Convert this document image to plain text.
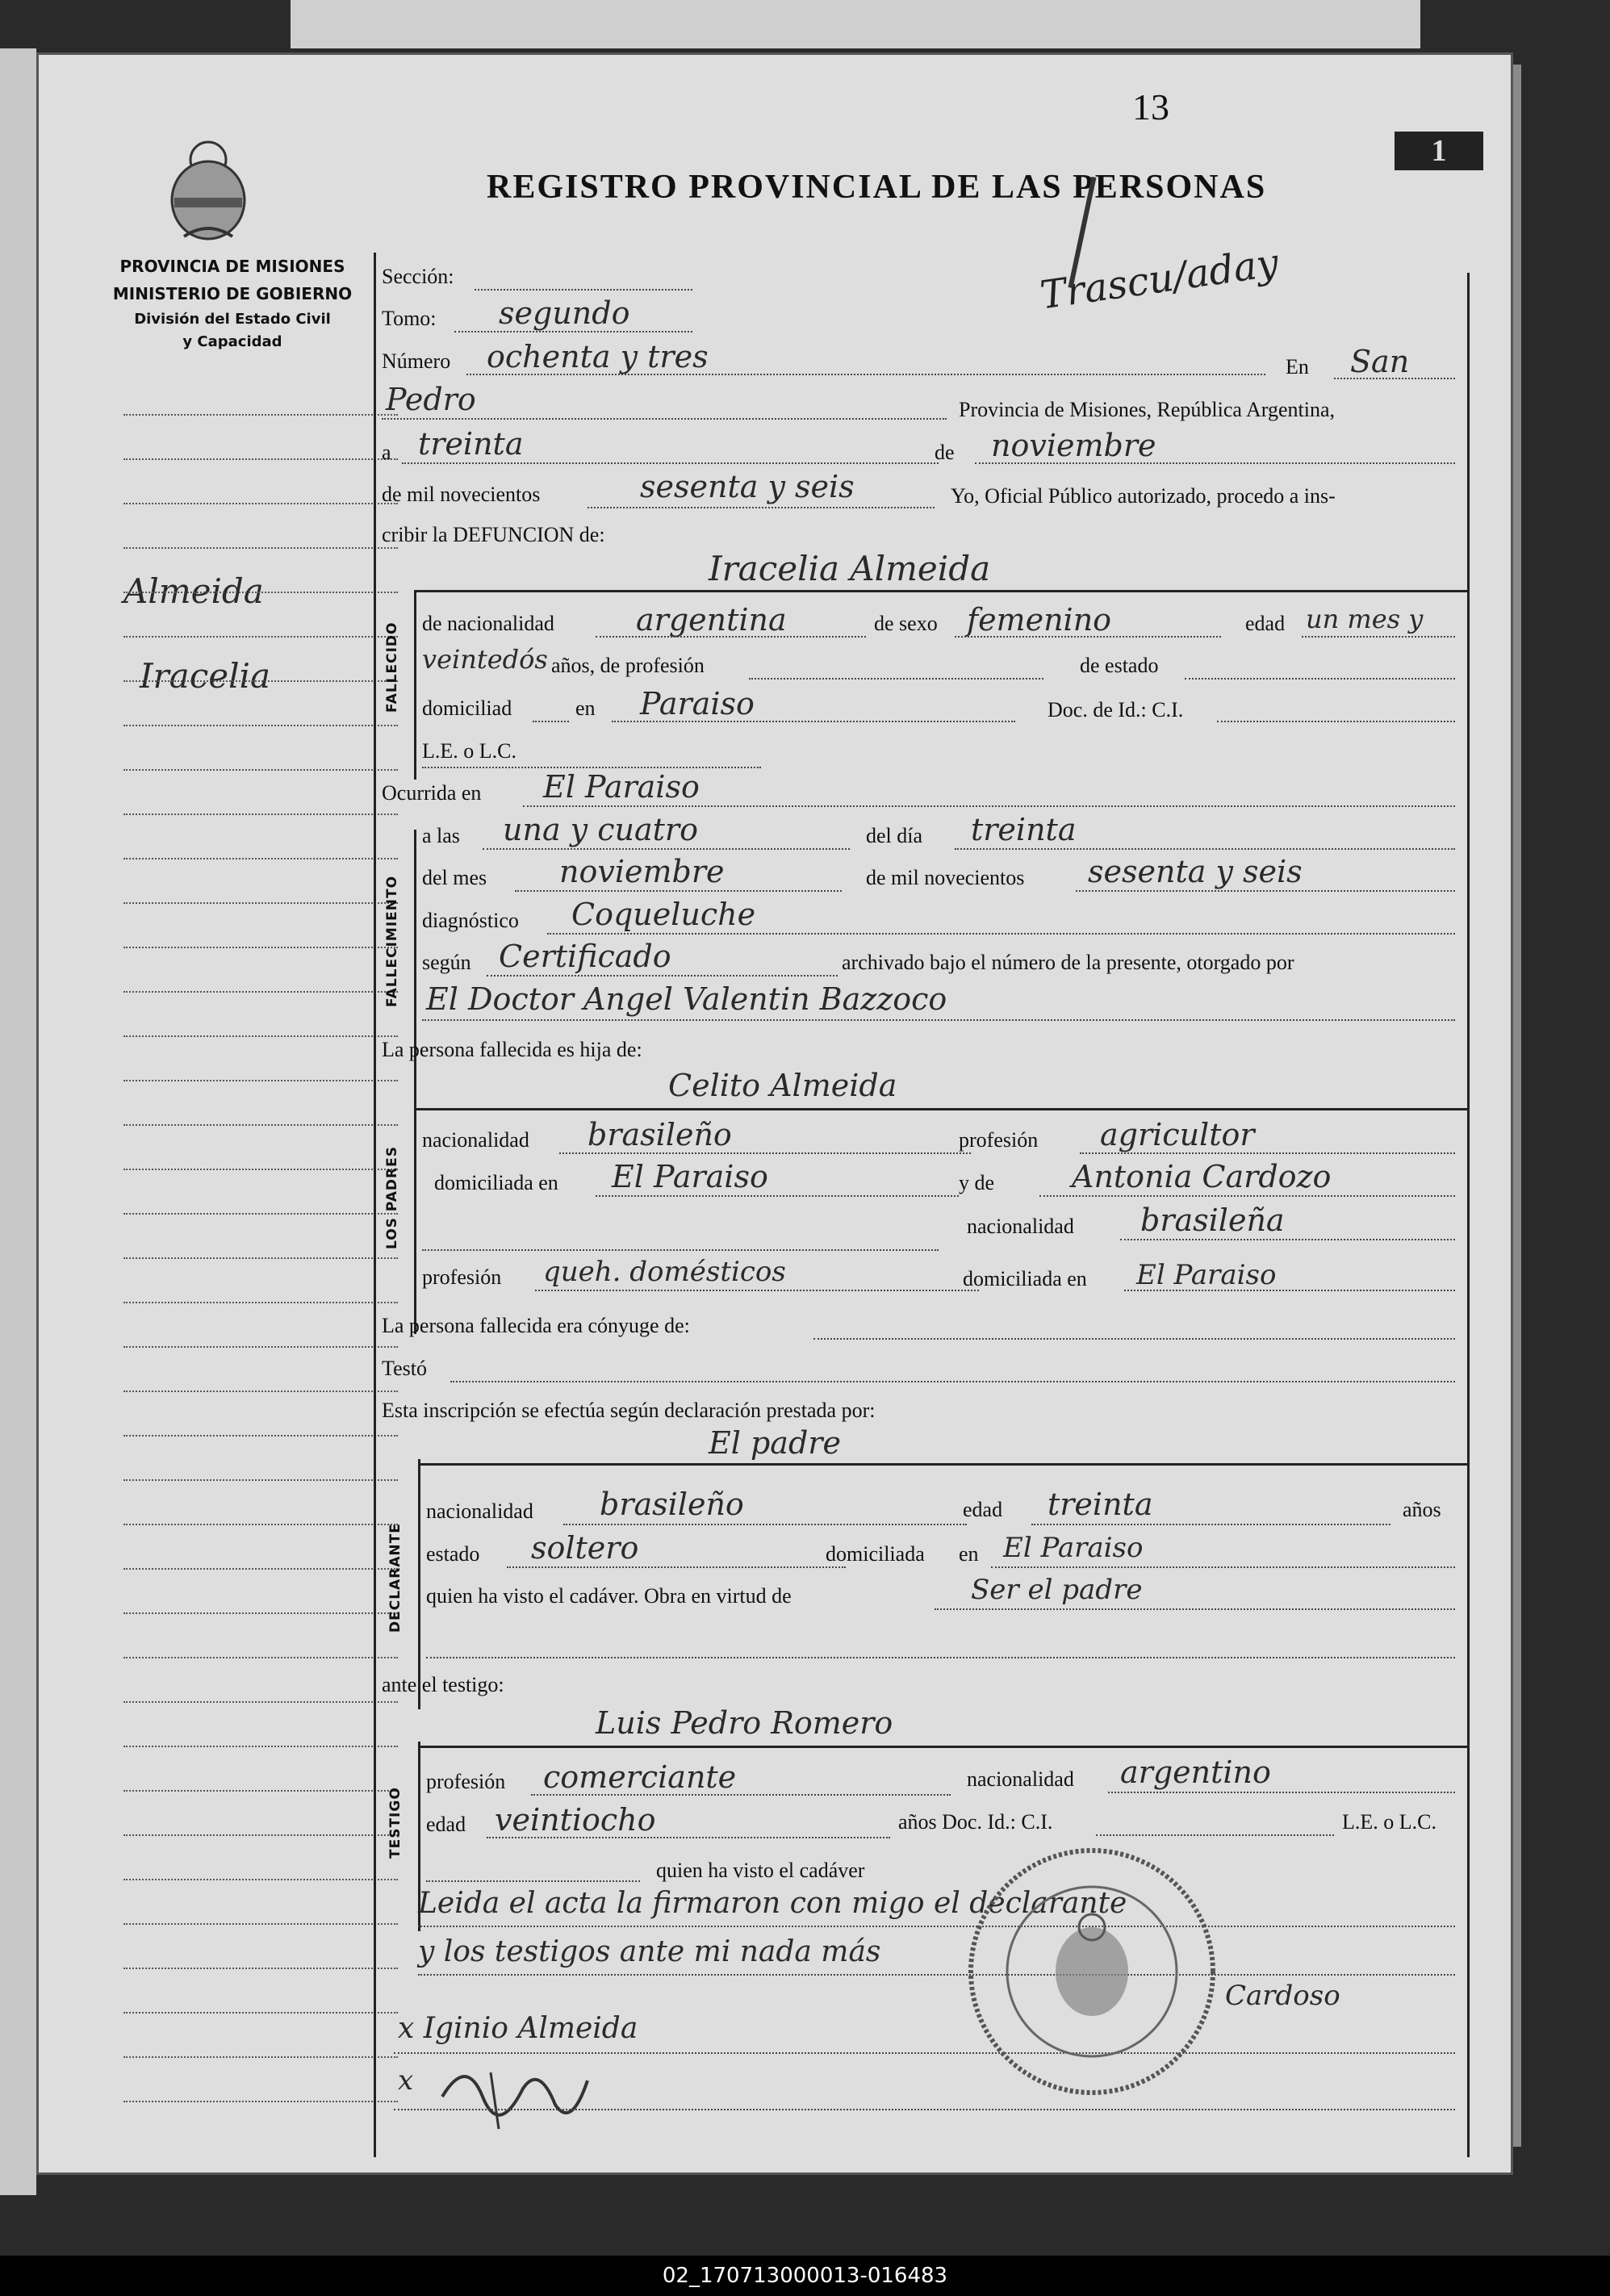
13
1
REGISTRO PROVINCIAL DE LAS PERSONAS
Trascu/aday
PROVINCIA DE MISIONES
MINISTERIO DE GOBIERNO
División del Estado Civil
y Capacidad
Almeida
Iracelia
Sección:
Tomo: segundo
Número ochenta y tres	En San
Pedro	Provincia de Misiones, República Argentina,
a treinta	de noviembre
de mil novecientos	sesenta y seis	Yo, Oficial Público autorizado, procedo a ins-
cribir la DEFUNCION de:
FALLECIDO
Iracelia Almeida
de nacionalidad	argentina	de sexo femenino	edad un mes y
veintedós años, de profesión	de estado
domiciliad	en Paraiso	Doc. de Id.: C.I.
L.E. o L.C.
Ocurrida en El Paraiso
FALLECIMIENTO
a las una y cuatro	del día treinta
del mes noviembre	de mil novecientos sesenta y seis
diagnóstico Coqueluche
según Certificado	archivado bajo el número de la presente, otorgado por
El Doctor Angel Valentin Bazzoco
La persona fallecida es hija de:
LOS PADRES
Celito Almeida
nacionalidad brasileño	profesión agricultor
domiciliada en El Paraiso	y de	Antonia Cardozo
nacionalidad brasileña
profesión queh. domésticos	domiciliada en El Paraiso
La persona fallecida era cónyuge de:
Testó
Esta inscripción se efectúa según declaración prestada por:
DECLARANTE
El padre
nacionalidad brasileño	edad treinta	años
estado soltero	domiciliada en El Paraiso
quien ha visto el cadáver. Obra en virtud de	Ser el padre
ante el testigo:
TESTIGO
Luis Pedro Romero
profesión comerciante	nacionalidad argentino
edad veintiocho	años Doc. Id.: C.I.	L.E. o L.C.
quien ha visto el cadáver
Leida el acta la firmaron con migo el declarante
y los testigos ante mi nada más
Cardoso
x Iginio Almeida
x
02_170713000013-016483
